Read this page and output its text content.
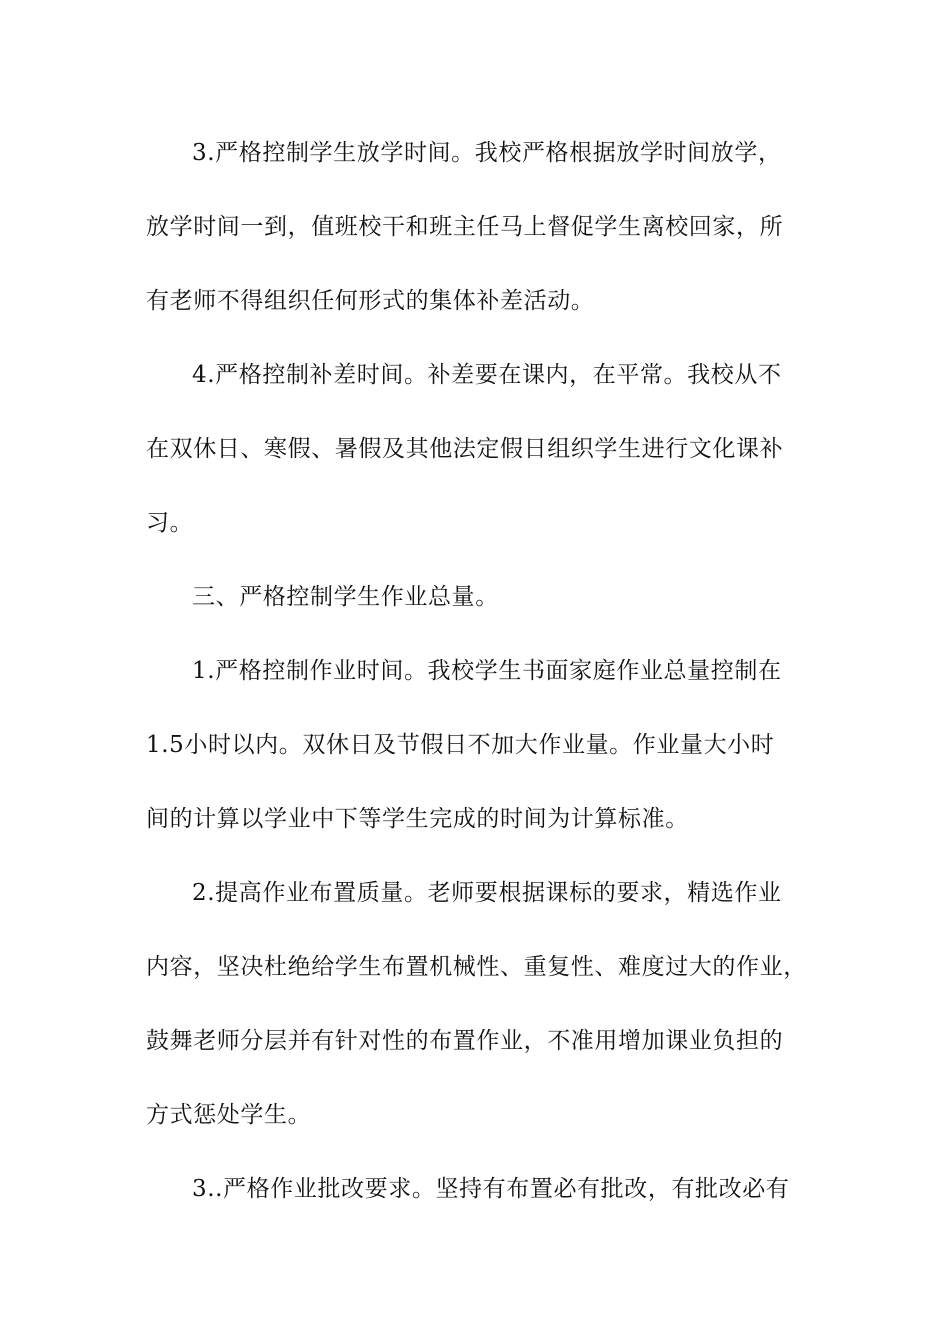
3.严格控制学生放学时间。我校严格根据放学时间放学，
放学时间一到，值班校干和班主任马上督促学生离校回家，所
有老师不得组织任何形式的集体补差活动。
4.严格控制补差时间。补差要在课内，在平常。我校从不
在双休日、寒假、暑假及其他法定假日组织学生进行文化课补
习。
三、严格控制学生作业总量。
1.严格控制作业时间。我校学生书面家庭作业总量控制在
1.5小时以内。双休日及节假日不加大作业量。作业量大小时
间的计算以学业中下等学生完成的时间为计算标准。
2.提高作业布置质量。老师要根据课标的要求，精选作业
内容，坚决杜绝给学生布置机械性、重复性、难度过大的作业，
鼓舞老师分层并有针对性的布置作业，不准用增加课业负担的
方式惩处学生。
3..严格作业批改要求。坚持有布置必有批改，有批改必有
